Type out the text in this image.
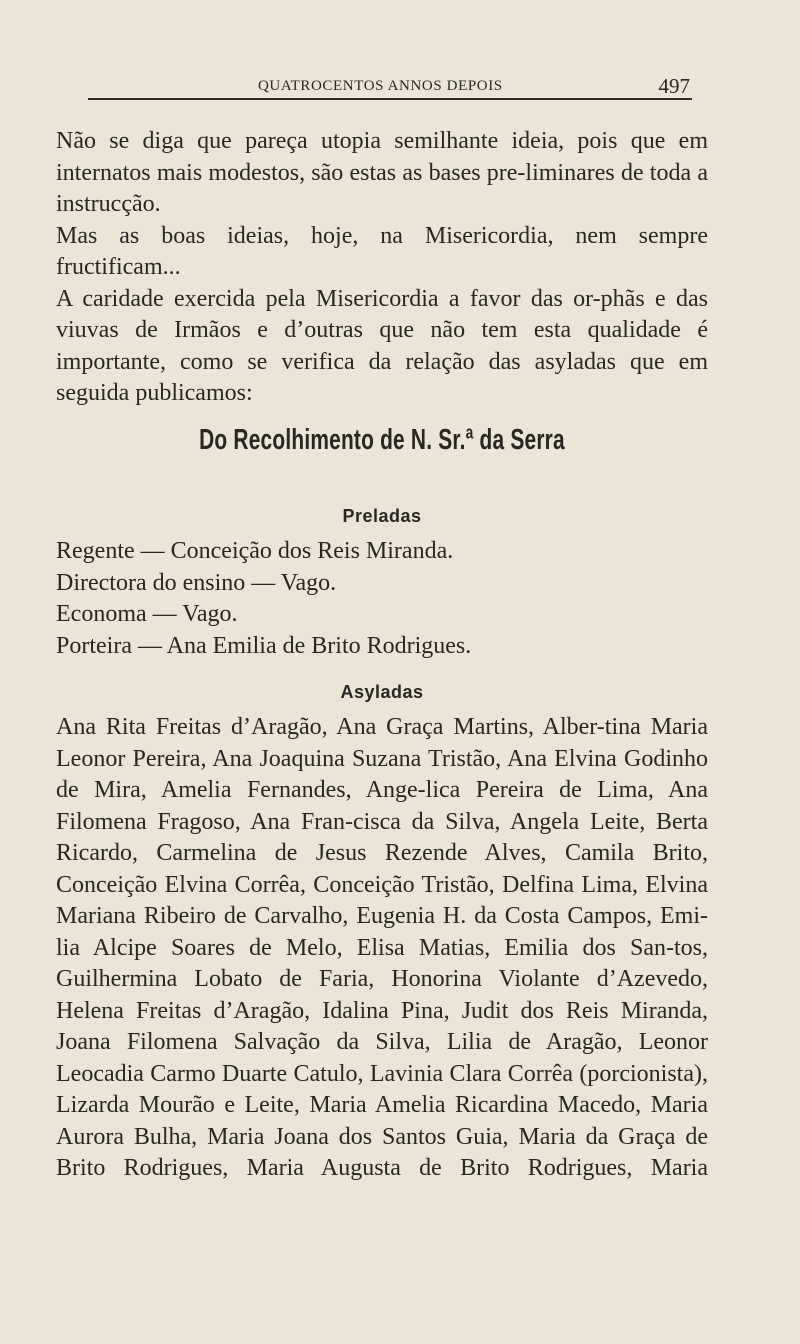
QUATROCENTOS ANNOS DEPOIS	497

Não se diga que pareça utopia semilhante ideia, pois que em internatos mais modestos, são estas as bases pre-liminares de toda a instrucção.

Mas as boas ideias, hoje, na Misericordia, nem sempre fructificam...

A caridade exercida pela Misericordia a favor das or-phãs e das viuvas de Irmãos e d’outras que não tem esta qualidade é importante, como se verifica da relação das asyladas que em seguida publicamos:

Do Recolhimento de N. Sr.ª da Serra
Preladas
Regente — Conceição dos Reis Miranda.
Directora do ensino — Vago.
Economa — Vago.
Porteira — Ana Emilia de Brito Rodrigues.
Asyladas
Ana Rita Freitas d’Aragão, Ana Graça Martins, Alber-tina Maria Leonor Pereira, Ana Joaquina Suzana Tristão, Ana Elvina Godinho de Mira, Amelia Fernandes, Ange-lica Pereira de Lima, Ana Filomena Fragoso, Ana Fran-cisca da Silva, Angela Leite, Berta Ricardo, Carmelina de Jesus Rezende Alves, Camila Brito, Conceição Elvina Corrêa, Conceição Tristão, Delfina Lima, Elvina Mariana Ribeiro de Carvalho, Eugenia H. da Costa Campos, Emi-lia Alcipe Soares de Melo, Elisa Matias, Emilia dos San-tos, Guilhermina Lobato de Faria, Honorina Violante d’Azevedo, Helena Freitas d’Aragão, Idalina Pina, Judit dos Reis Miranda, Joana Filomena Salvação da Silva, Lilia de Aragão, Leonor Leocadia Carmo Duarte Catulo, Lavinia Clara Corrêa (porcionista), Lizarda Mourão e Leite, Maria Amelia Ricardina Macedo, Maria Aurora Bulha, Maria Joana dos Santos Guia, Maria da Graça de Brito Rodrigues, Maria Augusta de Brito Rodrigues, Maria
